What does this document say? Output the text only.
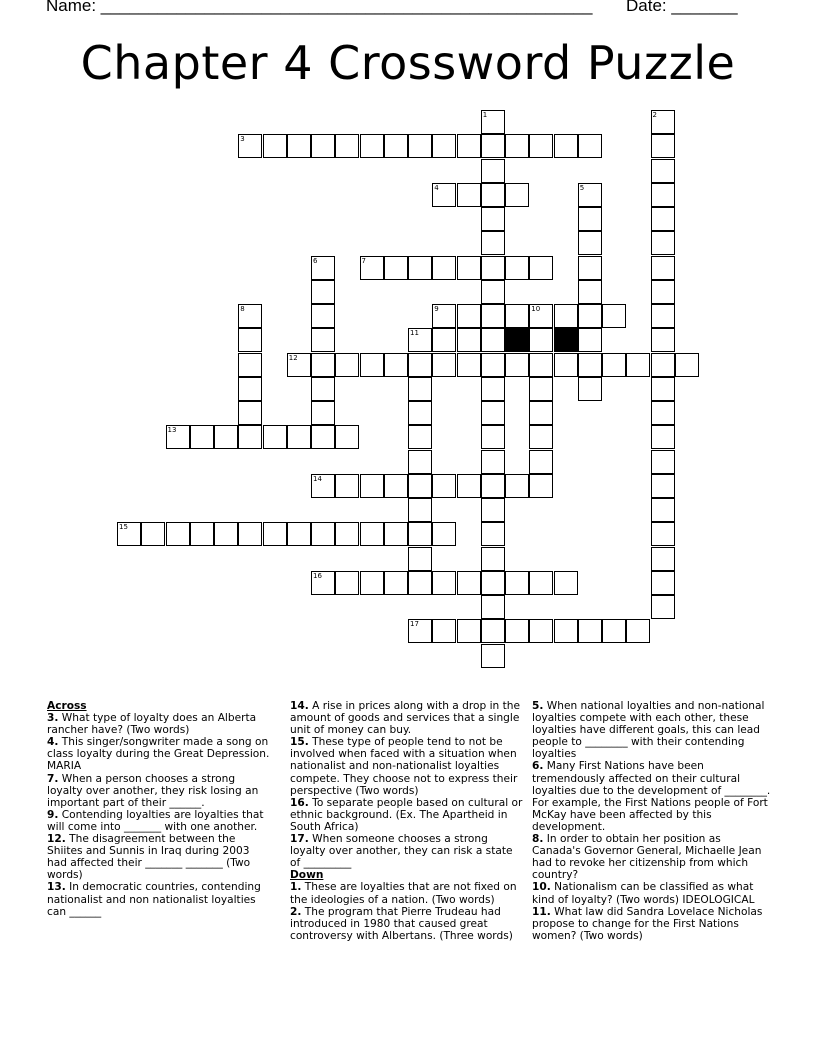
Name: ____________________________________________________ Date: _______
Chapter 4 Crossword Puzzle
1	2
3
4	5
6	7
8	9	10
11
12
13
14
15
16
17
Across
3. What type of loyalty does an Alberta rancher have? (Two words)
4. This singer/songwriter made a song on class loyalty during the Great Depression. MARIA
7. When a person chooses a strong loyalty over another, they risk losing an important part of their ______.
9. Contending loyalties are loyalties that will come into _______ with one another.
12. The disagreement between the Shiites and Sunnis in Iraq during 2003 had affected their _______ _______ (Two words)
13. In democratic countries, contending nationalist and non nationalist loyalties can ______
14. A rise in prices along with a drop in the amount of goods and services that a single unit of money can buy.
15. These type of people tend to not be involved when faced with a situation when nationalist and non-nationalist loyalties compete. They choose not to express their perspective (Two words)
16. To separate people based on cultural or ethnic background. (Ex. The Apartheid in South Africa)
17. When someone chooses a strong loyalty over another, they can risk a state of _________
Down
1. These are loyalties that are not fixed on the ideologies of a nation. (Two words)
2. The program that Pierre Trudeau had introduced in 1980 that caused great controversy with Albertans. (Three words)
5. When national loyalties and non-national loyalties compete with each other, these loyalties have different goals, this can lead people to ________ with their contending loyalties
6. Many First Nations have been tremendously affected on their cultural loyalties due to the development of ________. For example, the First Nations people of Fort McKay have been affected by this development.
8. In order to obtain her position as Canada's Governor General, Michaelle Jean had to revoke her citizenship from which country?
10. Nationalism can be classified as what kind of loyalty? (Two words) IDEOLOGICAL
11. What law did Sandra Lovelace Nicholas propose to change for the First Nations women? (Two words)
